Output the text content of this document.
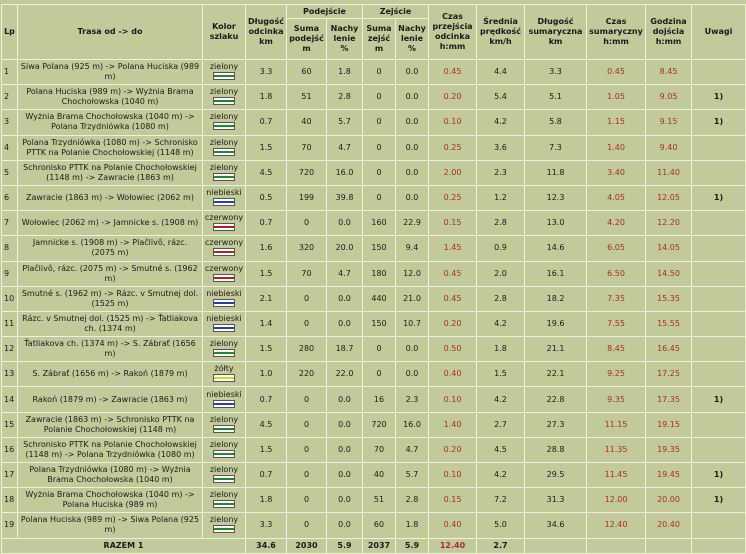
Lp	Trasa od -> do	Kolor szlaku	Długość odcinka km	Podejście		Zejście		Czas przejścia odcinka h:mm	Średnia prędkość km/h	Długość sumaryczna km	Czas sumaryczny h:mm	Godzina dojścia h:mm	Uwagi
				Suma podejść m	Nachy lenie %	Suma zejść m	Nachy lenie %						
1	Siwa Polana (925 m) -> Polana Huciska (989 m)	zielony	3.3	60	1.8	0	0.0	0.45	4.4	3.3	0.45	8.45	
2	Polana Huciska (989 m) -> Wyżnia Brama Chochołowska (1040 m)	zielony	1.8	51	2.8	0	0.0	0.20	5.4	5.1	1.05	9.05	1)
3	Wyżnia Brama Chochołowska (1040 m) -> Polana Trzydniówka (1080 m)	zielony	0.7	40	5.7	0	0.0	0.10	4.2	5.8	1.15	9.15	1)
4	Polana Trzydniówka (1080 m) -> Schronisko PTTK na Polanie Chochołowskiej (1148 m)	zielony	1.5	70	4.7	0	0.0	0.25	3.6	7.3	1.40	9.40	
5	Schronisko PTTK na Polanie Chochołowskiej (1148 m) -> Zawracie (1863 m)	zielony	4.5	720	16.0	0	0.0	2.00	2.3	11.8	3.40	11.40	
6	Zawracie (1863 m) -> Wołowiec (2062 m)	niebieski	0.5	199	39.8	0	0.0	0.25	1.2	12.3	4.05	12.05	1)
7	Wołowiec (2062 m) -> Jamnicke s. (1908 m)	czerwony	0.7	0	0.0	160	22.9	0.15	2.8	13.0	4.20	12.20	
8	Jamnicke s. (1908 m) -> Plačlivô, rázc. (2075 m)	czerwony	1.6	320	20.0	150	9.4	1.45	0.9	14.6	6.05	14.05	
9	Plačlivô, rázc. (2075 m) -> Smutné s. (1962 m)	czerwony	1.5	70	4.7	180	12.0	0.45	2.0	16.1	6.50	14.50	
10	Smutné s. (1962 m) -> Rázc. v Smutnej dol. (1525 m)	niebieski	2.1	0	0.0	440	21.0	0.45	2.8	18.2	7.35	15.35	
11	Rázc. v Smutnej dol. (1525 m) -> Ťatliakova ch. (1374 m)	niebieski	1.4	0	0.0	150	10.7	0.20	4.2	19.6	7.55	15.55	
12	Ťatliakova ch. (1374 m) -> S. Zábrať (1656 m)	zielony	1.5	280	18.7	0	0.0	0.50	1.8	21.1	8.45	16.45	
13	S. Zábrať (1656 m) -> Rakoń (1879 m)	żółty	1.0	220	22.0	0	0.0	0.40	1.5	22.1	9.25	17.25	
14	Rakoń (1879 m) -> Zawracie (1863 m)	niebieski	0.7	0	0.0	16	2.3	0.10	4.2	22.8	9.35	17.35	1)
15	Zawracie (1863 m) -> Schronisko PTTK na Polanie Chochołowskiej (1148 m)	zielony	4.5	0	0.0	720	16.0	1.40	2.7	27.3	11.15	19.15	
16	Schronisko PTTK na Polanie Chochołowskiej (1148 m) -> Polana Trzydniówka (1080 m)	zielony	1.5	0	0.0	70	4.7	0.20	4.5	28.8	11.35	19.35	
17	Polana Trzydniówka (1080 m) -> Wyżnia Brama Chochołowska (1040 m)	zielony	0.7	0	0.0	40	5.7	0.10	4.2	29.5	11.45	19.45	1)
18	Wyżnia Brama Chochołowska (1040 m) -> Polana Huciska (989 m)	zielony	1.8	0	0.0	51	2.8	0.15	7.2	31.3	12.00	20.00	1)
19	Polana Huciska (989 m) -> Siwa Polana (925 m)	zielony	3.3	0	0.0	60	1.8	0.40	5.0	34.6	12.40	20.40	
RAZEM 1			34.6	2030	5.9	2037	5.9	12.40	2.7				
